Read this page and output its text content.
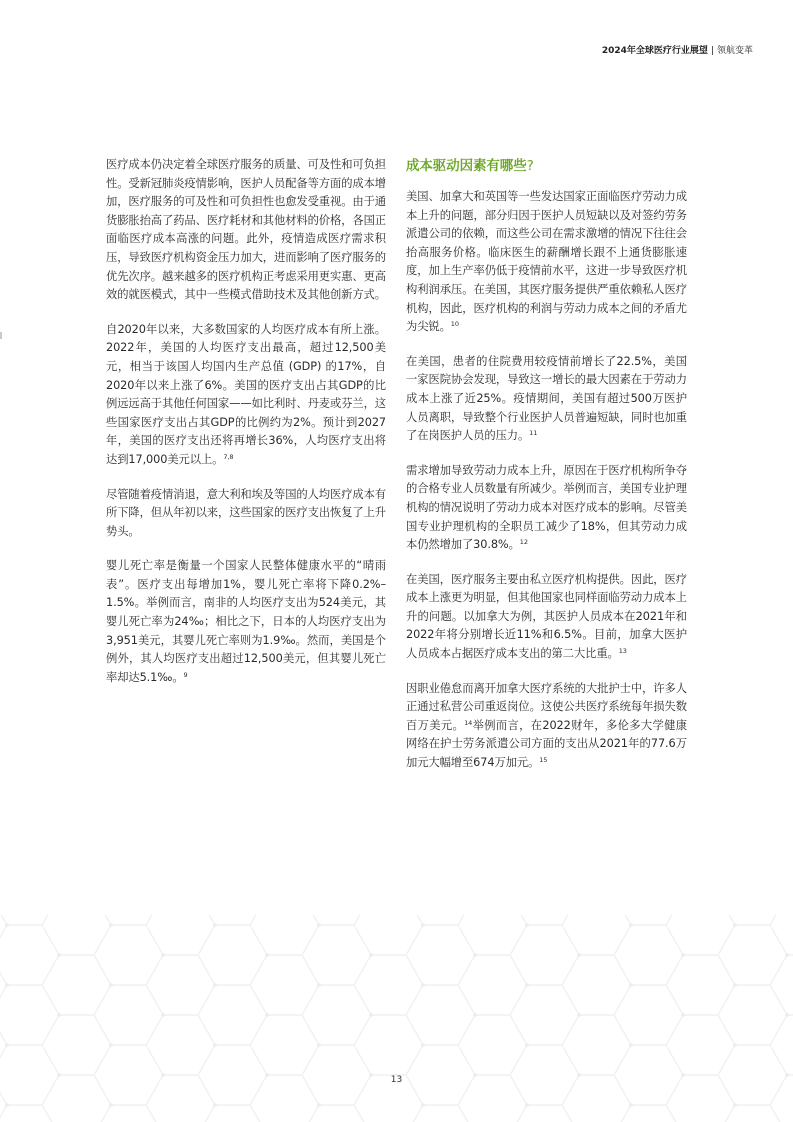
2024年全球医疗行业展望 | 领航变革

医疗成本仍决定着全球医疗服务的质量、可及性和可负担性。受新冠肺炎疫情影响，医护人员配备等方面的成本增加，医疗服务的可及性和可负担性也愈发受重视。由于通货膨胀抬高了药品、医疗耗材和其他材料的价格，各国正面临医疗成本高涨的问题。此外，疫情造成医疗需求积压，导致医疗机构资金压力加大，进而影响了医疗服务的优先次序。越来越多的医疗机构正考虑采用更实惠、更高效的就医模式，其中一些模式借助技术及其他创新方式。

自2020年以来，大多数国家的人均医疗成本有所上涨。2022年，美国的人均医疗支出最高，超过12,500美元，相当于该国人均国内生产总值 (GDP) 的17%，自2020年以来上涨了6%。美国的医疗支出占其GDP的比例远远高于其他任何国家——如比利时、丹麦或芬兰，这些国家医疗支出占其GDP的比例约为2%。预计到2027年，美国的医疗支出还将再增长36%，人均医疗支出将达到17,000美元以上。$^{7,8}$

尽管随着疫情消退，意大利和埃及等国的人均医疗成本有所下降，但从年初以来，这些国家的医疗支出恢复了上升势头。

婴儿死亡率是衡量一个国家人民整体健康水平的“晴雨表”。医疗支出每增加1%，婴儿死亡率将下降0.2%–1.5%。举例而言，南非的人均医疗支出为524美元，其婴儿死亡率为24‰；相比之下，日本的人均医疗支出为3,951美元，其婴儿死亡率则为1.9‰。然而，美国是个例外，其人均医疗支出超过12,500美元，但其婴儿死亡率却达5.1‰。$^9$

成本驱动因素有哪些?

美国、加拿大和英国等一些发达国家正面临医疗劳动力成本上升的问题，部分归因于医护人员短缺以及对签约劳务派遣公司的依赖，而这些公司在需求激增的情况下往往会抬高服务价格。临床医生的薪酬增长跟不上通货膨胀速度，加上生产率仍低于疫情前水平，这进一步导致医疗机构利润承压。在美国，其医疗服务提供严重依赖私人医疗机构，因此，医疗机构的利润与劳动力成本之间的矛盾尤为尖锐。$^{10}$

在美国，患者的住院费用较疫情前增长了22.5%，美国一家医院协会发现，导致这一增长的最大因素在于劳动力成本上涨了近25%。疫情期间，美国有超过500万医护人员离职，导致整个行业医护人员普遍短缺，同时也加重了在岗医护人员的压力。$^{11}$

需求增加导致劳动力成本上升，原因在于医疗机构所争夺的合格专业人员数量有所减少。举例而言，美国专业护理机构的情况说明了劳动力成本对医疗成本的影响。尽管美国专业护理机构的全职员工减少了18%，但其劳动力成本仍然增加了30.8%。$^{12}$

在美国，医疗服务主要由私立医疗机构提供。因此，医疗成本上涨更为明显，但其他国家也同样面临劳动力成本上升的问题。以加拿大为例，其医护人员成本在2021年和2022年将分别增长近11%和6.5%。目前，加拿大医护人员成本占据医疗成本支出的第二大比重。$^{13}$

因职业倦怠而离开加拿大医疗系统的大批护士中，许多人正通过私营公司重返岗位。这使公共医疗系统每年损失数百万美元。$^{14}$举例而言，在2022财年，多伦多大学健康网络在护士劳务派遣公司方面的支出从2021年的77.6万加元大幅增至674万加元。$^{15}$

13
